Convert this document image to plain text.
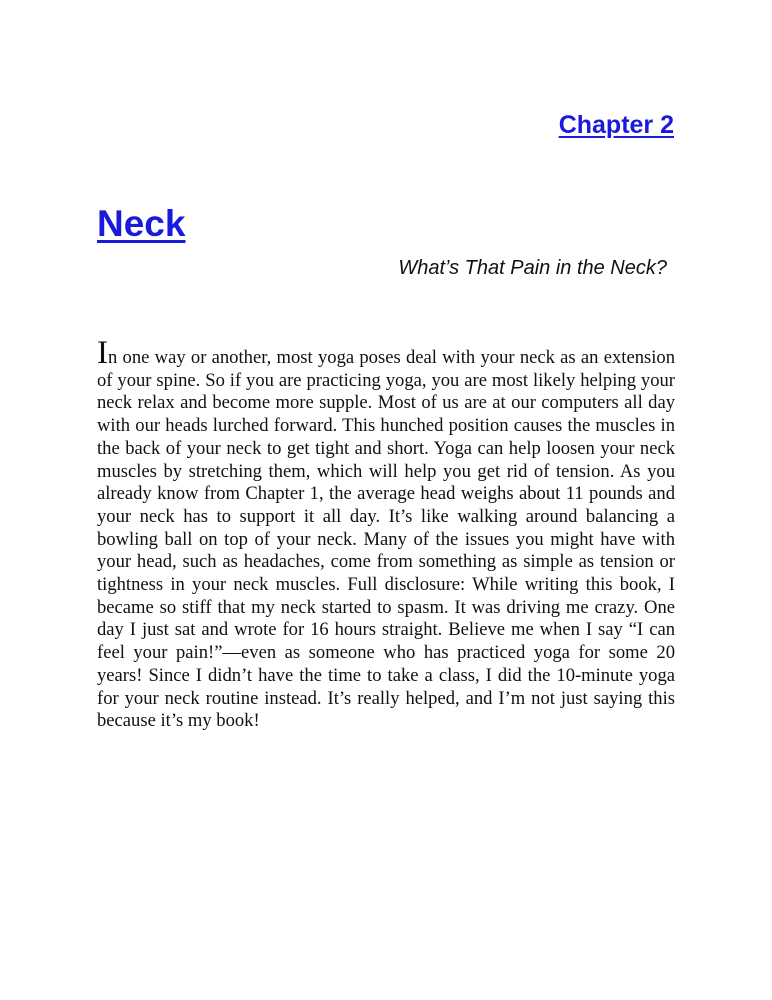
Chapter 2
Neck

What’s That Pain in the Neck?

In one way or another, most yoga poses deal with your neck as an extension of your spine. So if you are practicing yoga, you are most likely helping your neck relax and become more supple. Most of us are at our computers all day with our heads lurched forward. This hunched position causes the muscles in the back of your neck to get tight and short. Yoga can help loosen your neck muscles by stretching them, which will help you get rid of tension. As you already know from Chapter 1, the average head weighs about 11 pounds and your neck has to support it all day. It’s like walking around balancing a bowling ball on top of your neck. Many of the issues you might have with your head, such as headaches, come from something as simple as tension or tightness in your neck muscles. Full disclosure: While writing this book, I became so stiff that my neck started to spasm. It was driving me crazy. One day I just sat and wrote for 16 hours straight. Believe me when I say “I can feel your pain!”—even as someone who has practiced yoga for some 20 years! Since I didn’t have the time to take a class, I did the 10-minute yoga for your neck routine instead. It’s really helped, and I’m not just saying this because it’s my book!
